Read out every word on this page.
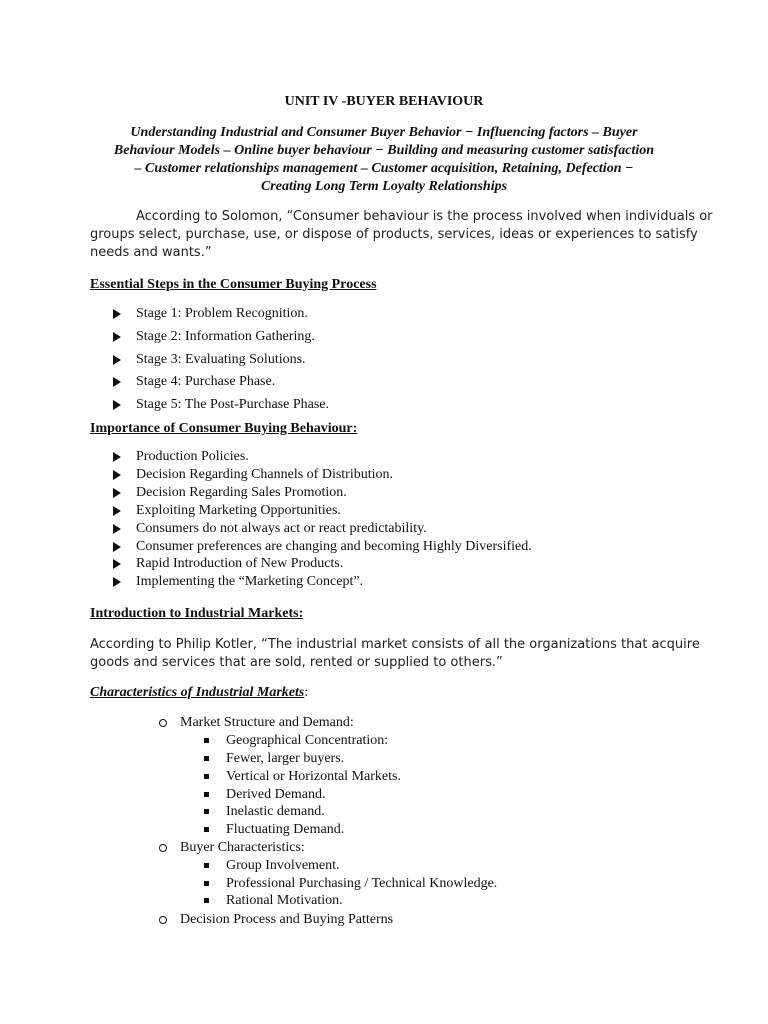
UNIT IV -BUYER BEHAVIOUR
Understanding Industrial and Consumer Buyer Behavior − Influencing factors – Buyer
Behaviour Models – Online buyer behaviour − Building and measuring customer satisfaction
– Customer relationships management – Customer acquisition, Retaining, Defection −
Creating Long Term Loyalty Relationships
According to Solomon, “Consumer behaviour is the process involved when individuals or
groups select, purchase, use, or dispose of products, services, ideas or experiences to satisfy
needs and wants.”
Essential Steps in the Consumer Buying Process
Stage 1: Problem Recognition.
Stage 2: Information Gathering.
Stage 3: Evaluating Solutions.
Stage 4: Purchase Phase.
Stage 5: The Post-Purchase Phase.
Importance of Consumer Buying Behaviour:
Production Policies.
Decision Regarding Channels of Distribution.
Decision Regarding Sales Promotion.
Exploiting Marketing Opportunities.
Consumers do not always act or react predictability.
Consumer preferences are changing and becoming Highly Diversified.
Rapid Introduction of New Products.
Implementing the “Marketing Concept”.
Introduction to Industrial Markets:
According to Philip Kotler, “The industrial market consists of all the organizations that acquire
goods and services that are sold, rented or supplied to others.”
Characteristics of Industrial Markets:
Market Structure and Demand:
Geographical Concentration:
Fewer, larger buyers.
Vertical or Horizontal Markets.
Derived Demand.
Inelastic demand.
Fluctuating Demand.
Buyer Characteristics:
Group Involvement.
Professional Purchasing / Technical Knowledge.
Rational Motivation.
Decision Process and Buying Patterns
